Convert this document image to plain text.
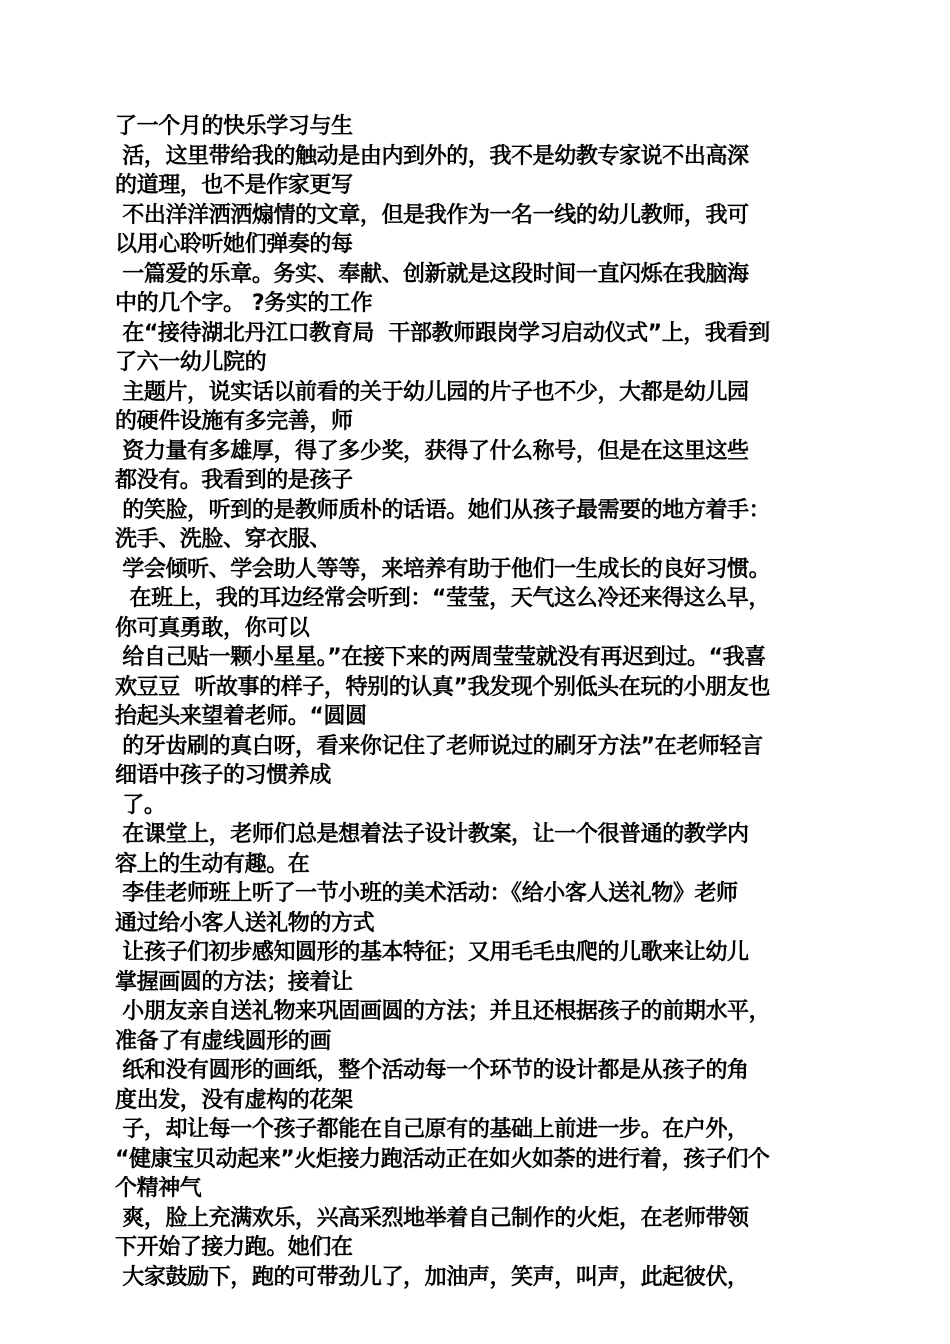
了一个月的快乐学习与生
活，这里带给我的触动是由内到外的，我不是幼教专家说不出高深
的道理，也不是作家更写
不出洋洋洒洒煽情的文章，但是我作为一名一线的幼儿教师，我可
以用心聆听她们弹奏的每
一篇爱的乐章。务实、奉献、创新就是这段时间一直闪烁在我脑海
中的几个字。 ?务实的工作
在“接待湖北丹江口教育局  干部教师跟岗学习启动仪式”上，我看到
了六一幼儿院的
主题片，说实话以前看的关于幼儿园的片子也不少，大都是幼儿园
的硬件设施有多完善，师
资力量有多雄厚，得了多少奖，获得了什么称号，但是在这里这些
都没有。我看到的是孩子
的笑脸，听到的是教师质朴的话语。她们从孩子最需要的地方着手：
洗手、洗脸、穿衣服、
学会倾听、学会助人等等，来培养有助于他们一生成长的良好习惯。
在班上，我的耳边经常会听到：“莹莹，天气这么冷还来得这么早，
你可真勇敢，你可以
给自己贴一颗小星星。”在接下来的两周莹莹就没有再迟到过。“我喜
欢豆豆  听故事的样子，特别的认真”我发现个别低头在玩的小朋友也
抬起头来望着老师。“圆圆
的牙齿刷的真白呀，看来你记住了老师说过的刷牙方法”在老师轻言
细语中孩子的习惯养成
了。
在课堂上，老师们总是想着法子设计教案，让一个很普通的教学内
容上的生动有趣。在
李佳老师班上听了一节小班的美术活动：《给小客人送礼物》老师
通过给小客人送礼物的方式
让孩子们初步感知圆形的基本特征；又用毛毛虫爬的儿歌来让幼儿
掌握画圆的方法；接着让
小朋友亲自送礼物来巩固画圆的方法；并且还根据孩子的前期水平，
准备了有虚线圆形的画
纸和没有圆形的画纸，整个活动每一个环节的设计都是从孩子的角
度出发，没有虚构的花架
子，却让每一个孩子都能在自己原有的基础上前进一步。在户外，
“健康宝贝动起来”火炬接力跑活动正在如火如荼的进行着，孩子们个
个精神气
爽，脸上充满欢乐，兴高采烈地举着自己制作的火炬，在老师带领
下开始了接力跑。她们在
大家鼓励下，跑的可带劲儿了，加油声，笑声，叫声，此起彼伏，
